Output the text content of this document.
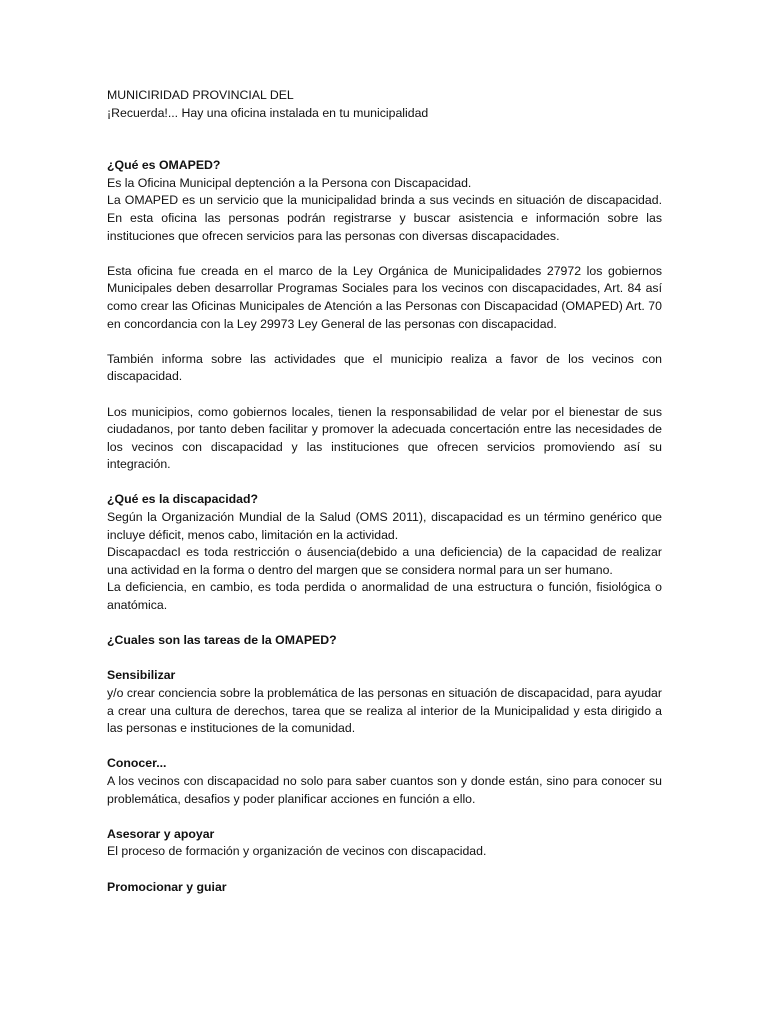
MUNICIRIDAD PROVINCIAL DEL

¡Recuerda!... Hay una oficina instalada en tu municipalidad

¿Qué es OMAPED?

Es la Oficina Municipal deptención a la Persona con Discapacidad.

La OMAPED es un servicio que la municipalidad brinda a sus vecinds en situación de discapacidad. En esta oficina las personas podrán registrarse y buscar asistencia e información sobre las instituciones que ofrecen servicios para las personas con diversas discapacidades.

Esta oficina fue creada en el marco de la Ley Orgánica de Municipalidades 27972 los gobiernos Municipales deben desarrollar Programas Sociales para los vecinos con discapacidades, Art. 84 así como crear las Oficinas Municipales de Atención a las Personas con Discapacidad (OMAPED) Art. 70 en concordancia con la Ley 29973 Ley General de las personas con discapacidad.

También informa sobre las actividades que el municipio realiza a favor de los vecinos con discapacidad.

Los municipios, como gobiernos locales, tienen la responsabilidad de velar por el bienestar de sus ciudadanos, por tanto deben facilitar y promover la adecuada concertación entre las necesidades de los vecinos con discapacidad y las instituciones que ofrecen servicios promoviendo así su integración.

¿Qué es la discapacidad?

Según la Organización Mundial de la Salud (OMS 2011), discapacidad es un término genérico que incluye déficit, menos cabo, limitación en la actividad.

DiscapacdacI es toda restricción o áusencia(debido a una deficiencia) de la capacidad de realizar una actividad en la forma o dentro del margen que se considera normal para un ser humano.

La deficiencia, en cambio, es toda perdida o anormalidad de una estructura o función, fisiológica o anatómica.

¿Cuales son las tareas de la OMAPED?

Sensibilizar

y/o crear conciencia sobre la problemática de las personas en situación de discapacidad, para ayudar a crear una cultura de derechos, tarea que se realiza al interior de la Municipalidad y esta dirigido a las personas e instituciones de la comunidad.

Conocer...

A los vecinos con discapacidad no solo para saber cuantos son y donde están, sino para conocer su problemática, desafios y poder planificar acciones en función a ello.

Asesorar y apoyar

El proceso de formación y organización de vecinos con discapacidad.

Promocionar y guiar
